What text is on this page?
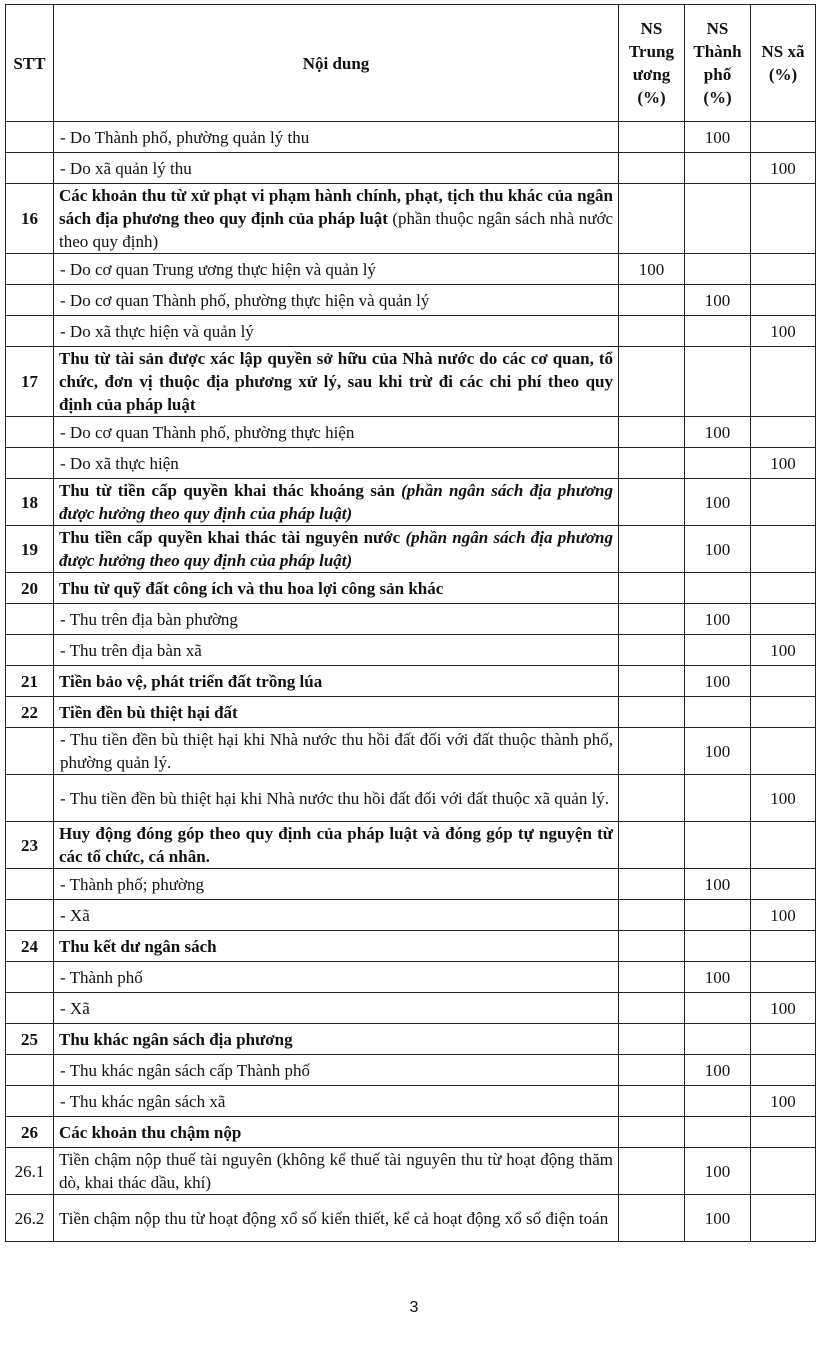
STT	Nội dung	NS Trung ương (%)	NS Thành phố (%)	NS xã (%)
	- Do Thành phố, phường quản lý thu		100	
	- Do xã quản lý thu			100
16	Các khoản thu từ xử phạt vi phạm hành chính, phạt, tịch thu khác của ngân sách địa phương theo quy định của pháp luật (phần thuộc ngân sách nhà nước theo quy định)			
	- Do cơ quan Trung ương thực hiện và quản lý	100		
	- Do cơ quan Thành phố, phường thực hiện và quản lý		100	
	- Do xã thực hiện và quản lý			100
17	Thu từ tài sản được xác lập quyền sở hữu của Nhà nước do các cơ quan, tổ chức, đơn vị thuộc địa phương xử lý, sau khi trừ đi các chi phí theo quy định của pháp luật			
	- Do cơ quan Thành phố, phường thực hiện		100	
	- Do xã thực hiện			100
18	Thu từ tiền cấp quyền khai thác khoáng sản (phần ngân sách địa phương được hưởng theo quy định của pháp luật)		100	
19	Thu tiền cấp quyền khai thác tài nguyên nước (phần ngân sách địa phương được hưởng theo quy định của pháp luật)		100	
20	Thu từ quỹ đất công ích và thu hoa lợi công sản khác			
	- Thu trên địa bàn phường		100	
	- Thu trên địa bàn xã			100
21	Tiền bảo vệ, phát triển đất trồng lúa		100	
22	Tiền đền bù thiệt hại đất			
	- Thu tiền đền bù thiệt hại khi Nhà nước thu hồi đất đối với đất thuộc thành phố, phường quản lý.		100	
	- Thu tiền đền bù thiệt hại khi Nhà nước thu hồi đất đối với đất thuộc xã quản lý.			100
23	Huy động đóng góp theo quy định của pháp luật và đóng góp tự nguyện từ các tổ chức, cá nhân.			
	- Thành phố; phường		100	
	- Xã			100
24	Thu kết dư ngân sách			
	- Thành phố		100	
	- Xã			100
25	Thu khác ngân sách địa phương			
	- Thu khác ngân sách cấp Thành phố		100	
	- Thu khác ngân sách xã			100
26	Các khoản thu chậm nộp			
26.1	Tiền chậm nộp thuế tài nguyên (không kể thuế tài nguyên thu từ hoạt động thăm dò, khai thác dầu, khí)		100	
26.2	Tiền chậm nộp thu từ hoạt động xổ số kiến thiết, kể cả hoạt động xổ số điện toán		100	
3
